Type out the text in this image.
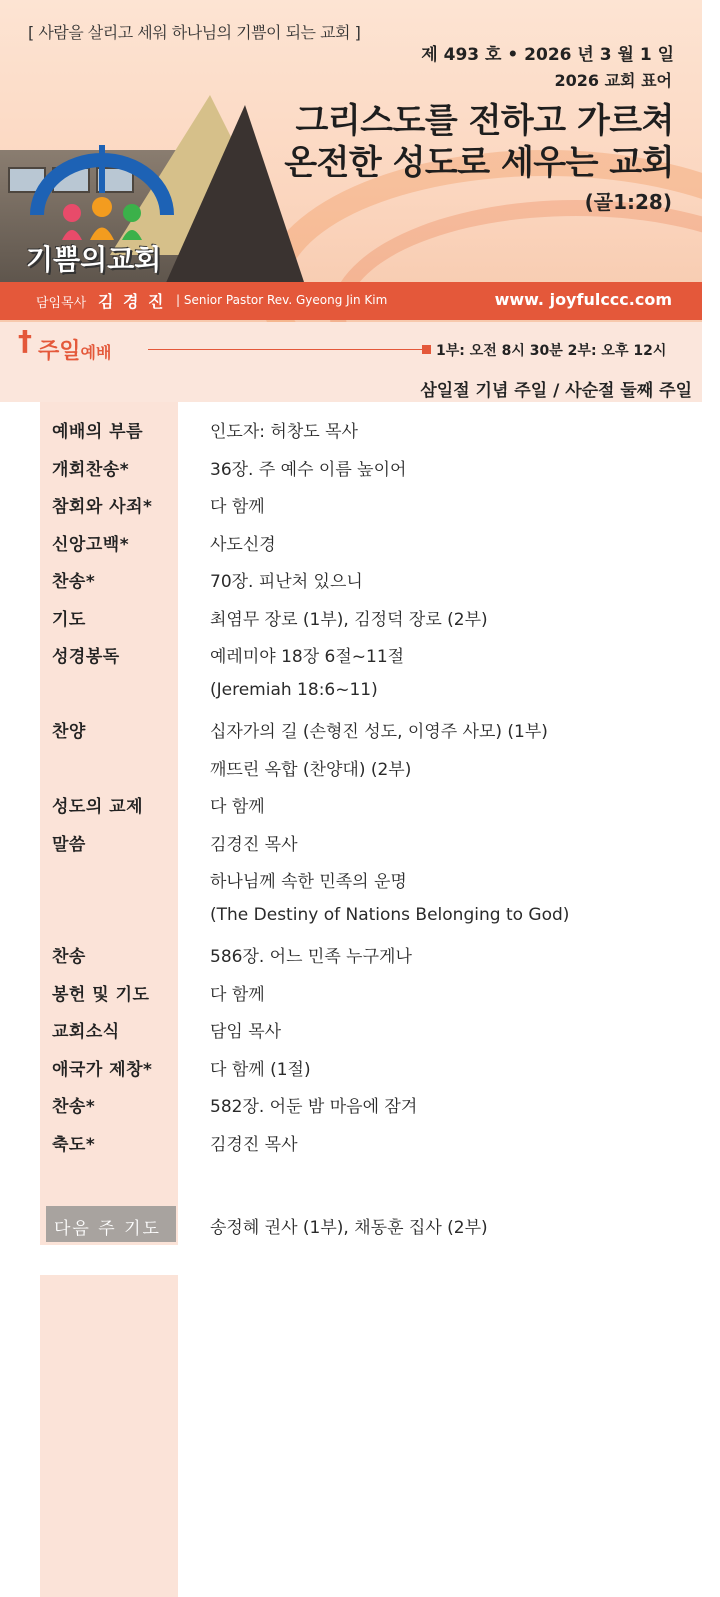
[ 사람을 살리고 세워 하나님의 기쁨이 되는 교회 ]
제 493 호 • 2026 년 3 월 1 일
2026 교회 표어
그리스도를 전하고 가르쳐
온전한 성도로 세우는 교회
(골1:28)
기쁨의교회
담임목사 김 경 진 | Senior Pastor Rev. Gyeong Jin Kim	www. joyfulccc.com
† 주일예배	1부: 오전 8시 30분 2부: 오후 12시
삼일절 기념 주일 / 사순절 둘째 주일
예배의 부름	인도자: 허창도 목사
개회찬송*	36장. 주 예수 이름 높이어
참회와 사죄*	다 함께
신앙고백*	사도신경
찬송*	70장. 피난처 있으니
기도	최염무 장로 (1부), 김정덕 장로 (2부)
성경봉독	예레미야 18장 6절~11절
(Jeremiah 18:6~11)
찬양	십자가의 길 (손형진 성도, 이영주 사모) (1부)
깨뜨린 옥합 (찬양대) (2부)
성도의 교제	다 함께
말씀	김경진 목사
하나님께 속한 민족의 운명
(The Destiny of Nations Belonging to God)
찬송	586장. 어느 민족 누구게나
봉헌 및 기도	다 함께
교회소식	담임 목사
애국가 제창*	다 함께 (1절)
찬송*	582장. 어둔 밤 마음에 잠겨
축도*	김경진 목사
다음 주 기도	송정혜 권사 (1부), 채동훈 집사 (2부)
